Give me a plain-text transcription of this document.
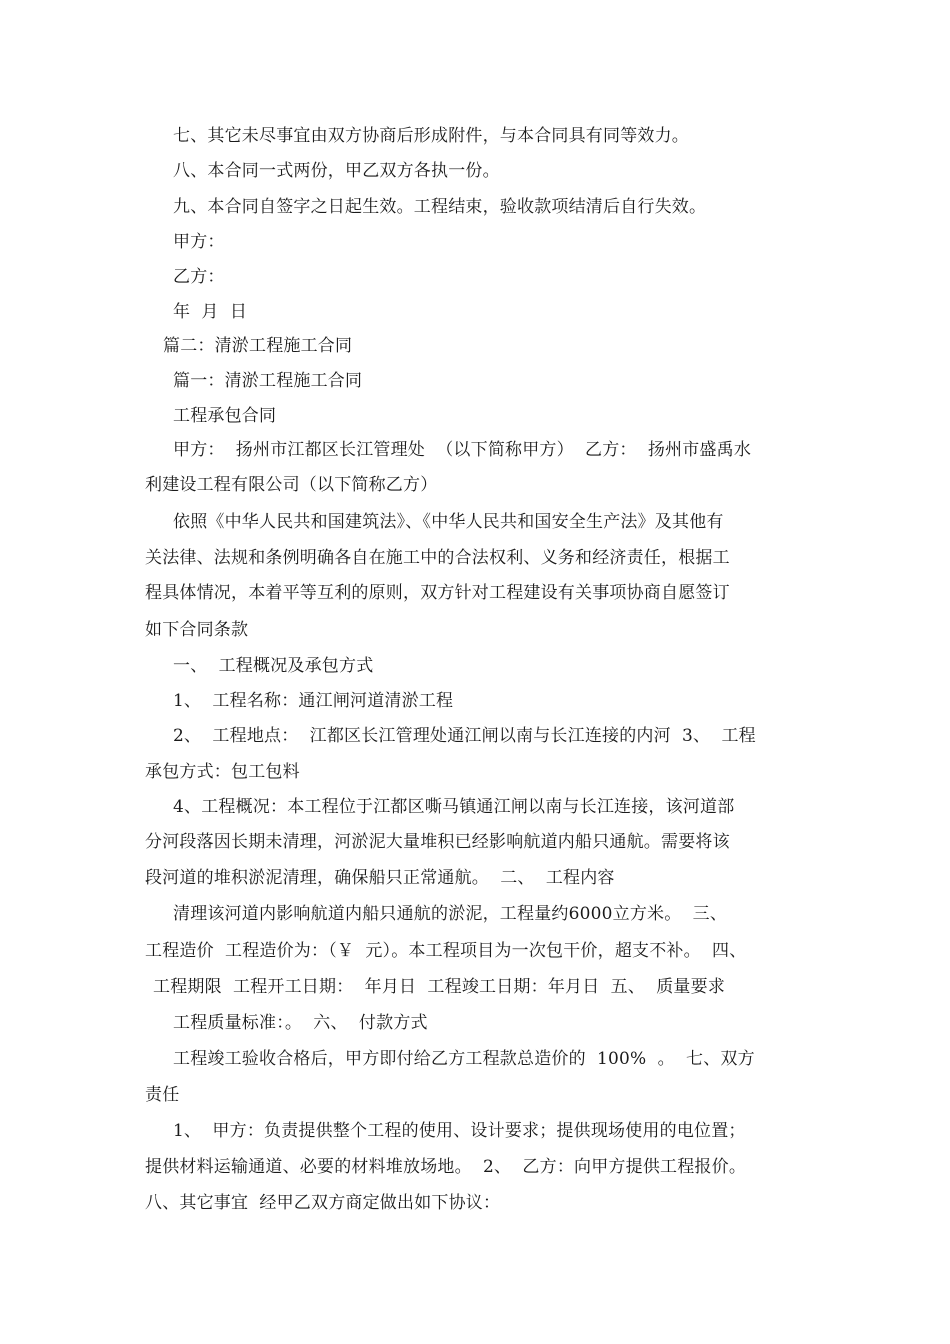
七、其它未尽事宜由双方协商后形成附件，与本合同具有同等效力。
八、本合同一式两份，甲乙双方各执一份。
九、本合同自签字之日起生效。工程结束，验收款项结清后自行失效。
甲方：
乙方：
年  月  日
篇二：清淤工程施工合同
篇一：清淤工程施工合同
工程承包合同
甲方：  扬州市江都区长江管理处  （以下简称甲方）  乙方：  扬州市盛禹水
利建设工程有限公司（以下简称乙方）
依照《中华人民共和国建筑法》、《中华人民共和国安全生产法》及其他有
关法律、法规和条例明确各自在施工中的合法权利、义务和经济责任，根据工
程具体情况，本着平等互利的原则，双方针对工程建设有关事项协商自愿签订
如下合同条款
一、  工程概况及承包方式
1、  工程名称：通江闸河道清淤工程
2、  工程地点：  江都区长江管理处通江闸以南与长江连接的内河  3、  工程
承包方式：包工包料
4、工程概况：本工程位于江都区嘶马镇通江闸以南与长江连接，该河道部
分河段落因长期未清理，河淤泥大量堆积已经影响航道内船只通航。需要将该
段河道的堆积淤泥清理，确保船只正常通航。  二、  工程内容
清理该河道内影响航道内船只通航的淤泥，工程量约6000立方米。  三、
工程造价  工程造价为：（￥  元）。本工程项目为一次包干价，超支不补。  四、
工程期限  工程开工日期：  年月日  工程竣工日期：年月日  五、  质量要求
工程质量标准：。  六、  付款方式
工程竣工验收合格后，甲方即付给乙方工程款总造价的  100%  。  七、双方
责任
1、  甲方：负责提供整个工程的使用、设计要求；提供现场使用的电位置；
提供材料运输通道、必要的材料堆放场地。  2、  乙方：向甲方提供工程报价。
八、其它事宜  经甲乙双方商定做出如下协议：
